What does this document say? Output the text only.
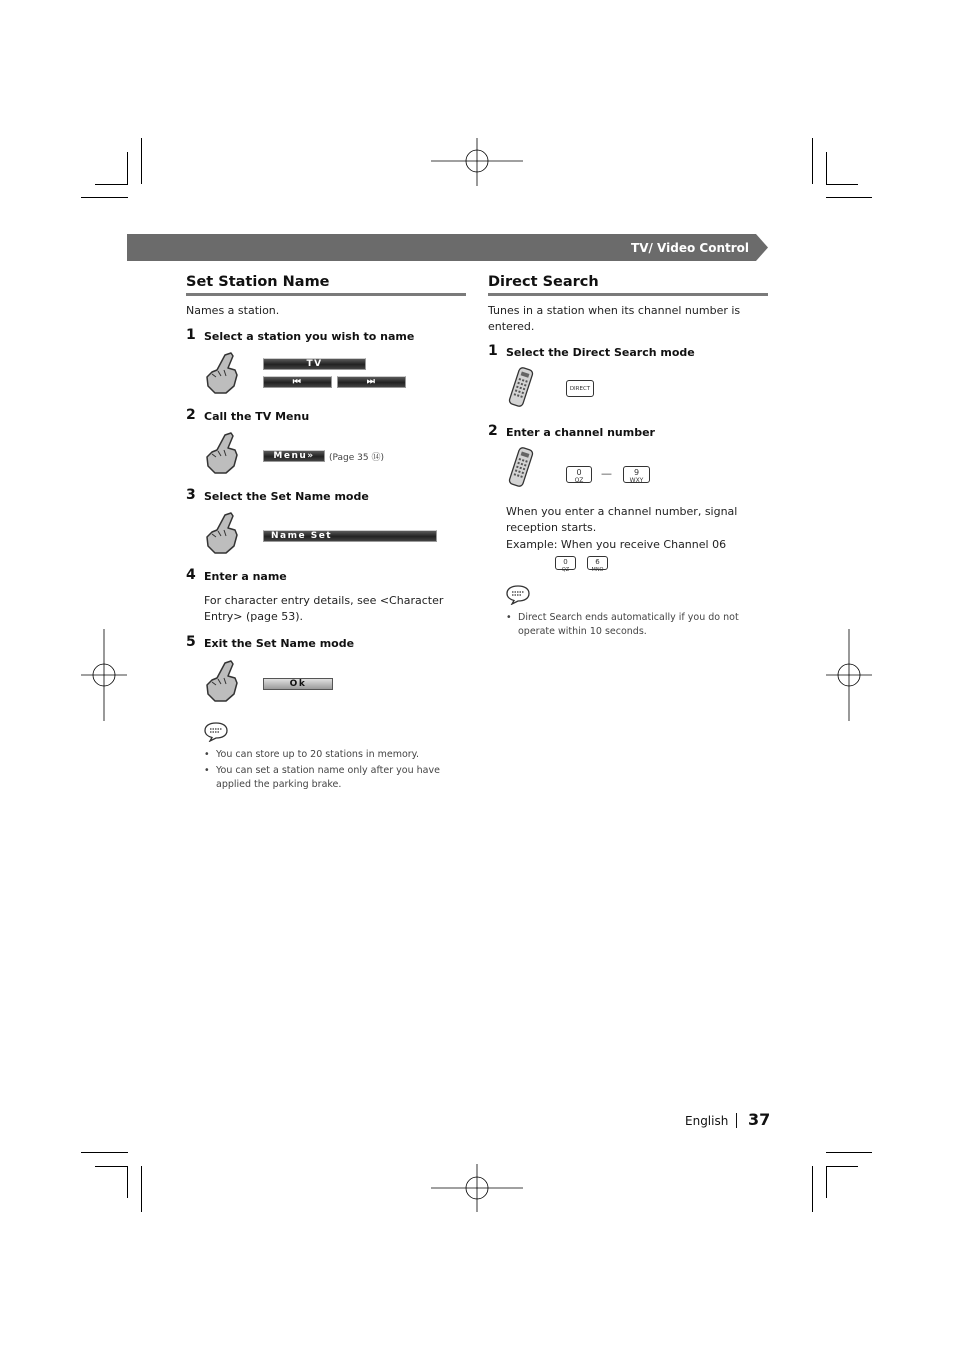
TV/ Video Control
Set Station Name
Names a station.
1 Select a station you wish to name
TV
⏮	⏭
2 Call the TV Menu
Menu»	(Page 35 ⑭)
3 Select the Set Name mode
Name Set
4 Enter a name
For character entry details, see <Character Entry> (page 53).
5 Exit the Set Name mode
Ok
• You can store up to 20 stations in memory.
• You can set a station name only after you have applied the parking brake.
Direct Search
Tunes in a station when its channel number is entered.
1 Select the Direct Search mode
DIRECT
2 Enter a channel number
0
QZ
—	9
WXY
When you enter a channel number, signal reception starts.
Example: When you receive Channel 06
0
QZ
6
MNO
• Direct Search ends automatically if you do not operate within 10 seconds.
English 37
